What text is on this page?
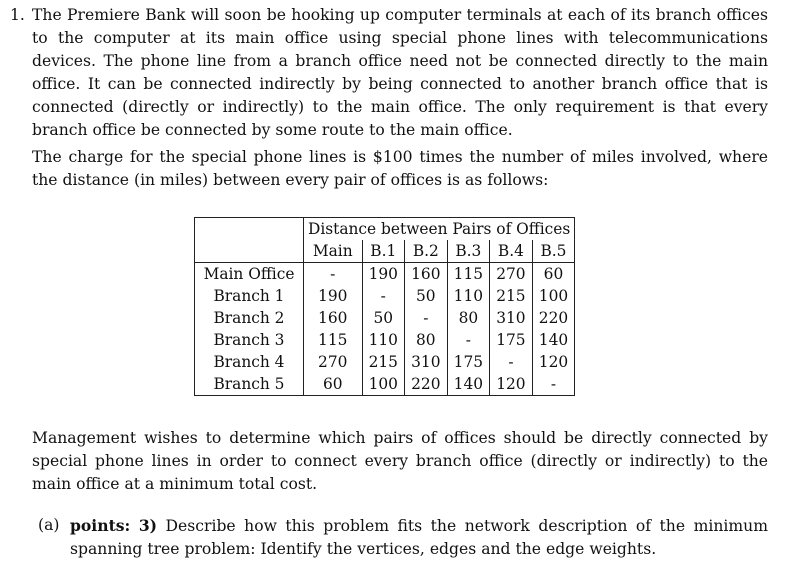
1. The Premiere Bank will soon be hooking up computer terminals at each of its branch offices to the computer at its main office using special phone lines with telecommunications devices. The phone line from a branch office need not be connected directly to the main office. It can be connected indirectly by being connected to another branch office that is connected (directly or indirectly) to the main office. The only requirement is that every branch office be connected by some route to the main office.

The charge for the special phone lines is $100 times the number of miles involved, where the distance (in miles) between every pair of offices is as follows:

	Distance between Pairs of Offices					
	Main	B.1	B.2	B.3	B.4	B.5
Main Office	-	190	160	115	270	60
Branch 1	190	-	50	110	215	100
Branch 2	160	50	-	80	310	220
Branch 3	115	110	80	-	175	140
Branch 4	270	215	310	175	-	120
Branch 5	60	100	220	140	120	-

Management wishes to determine which pairs of offices should be directly connected by special phone lines in order to connect every branch office (directly or indirectly) to the main office at a minimum total cost.

(a) points: 3) Describe how this problem fits the network description of the minimum spanning tree problem: Identify the vertices, edges and the edge weights.
